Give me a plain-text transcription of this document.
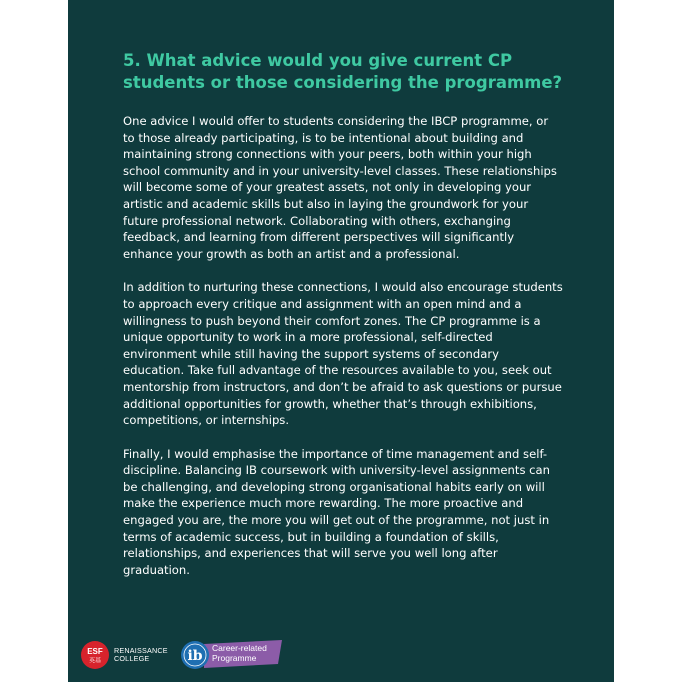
5. What advice would you give current CP students or those considering the programme?

One advice I would offer to students considering the IBCP programme, or to those already participating, is to be intentional about building and maintaining strong connections with your peers, both within your high school community and in your university-level classes. These relationships will become some of your greatest assets, not only in developing your artistic and academic skills but also in laying the groundwork for your future professional network. Collaborating with others, exchanging feedback, and learning from different perspectives will significantly enhance your growth as both an artist and a professional.

In addition to nurturing these connections, I would also encourage students to approach every critique and assignment with an open mind and a willingness to push beyond their comfort zones. The CP programme is a unique opportunity to work in a more professional, self-directed environment while still having the support systems of secondary education. Take full advantage of the resources available to you, seek out mentorship from instructors, and don’t be afraid to ask questions or pursue additional opportunities for growth, whether that’s through exhibitions, competitions, or internships.

Finally, I would emphasise the importance of time management and self-discipline. Balancing IB coursework with university-level assignments can be challenging, and developing strong organisational habits early on will make the experience much more rewarding. The more proactive and engaged you are, the more you will get out of the programme, not just in terms of academic success, but in building a foundation of skills, relationships, and experiences that will serve you well long after graduation.

ESF
英基
RENAISSANCE
COLLEGE	ib Career-related
Programme
